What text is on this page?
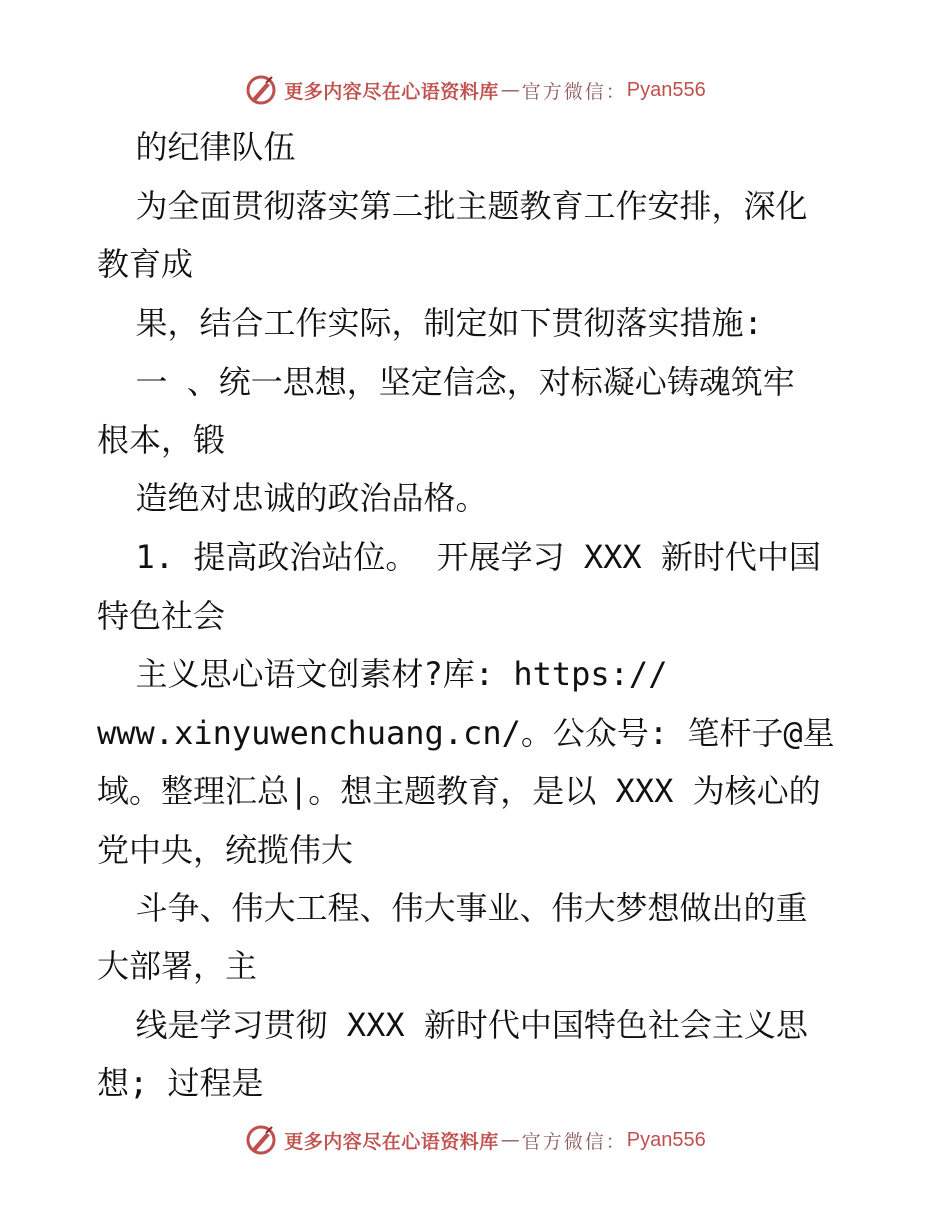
更多内容尽在心语资料库 — 官方微信： Pyan556

的纪律队伍

为全面贯彻落实第二批主题教育工作安排，深化

教育成

果，结合工作实际，制定如下贯彻落实措施:

一 、统一思想，坚定信念，对标凝心铸魂筑牢

根本，锻

造绝对忠诚的政治品格。

1. 提高政治站位。 开展学习 XXX 新时代中国

特色社会

主义思心语文创素材?库: https://

www.xinyuwenchuang.cn/。公众号: 笔杆子@星

域。整理汇总|。想主题教育，是以 XXX 为核心的

党中央，统揽伟大

斗争、伟大工程、伟大事业、伟大梦想做出的重

大部署，主

线是学习贯彻 XXX 新时代中国特色社会主义思

想; 过程是

更多内容尽在心语资料库 — 官方微信： Pyan556
